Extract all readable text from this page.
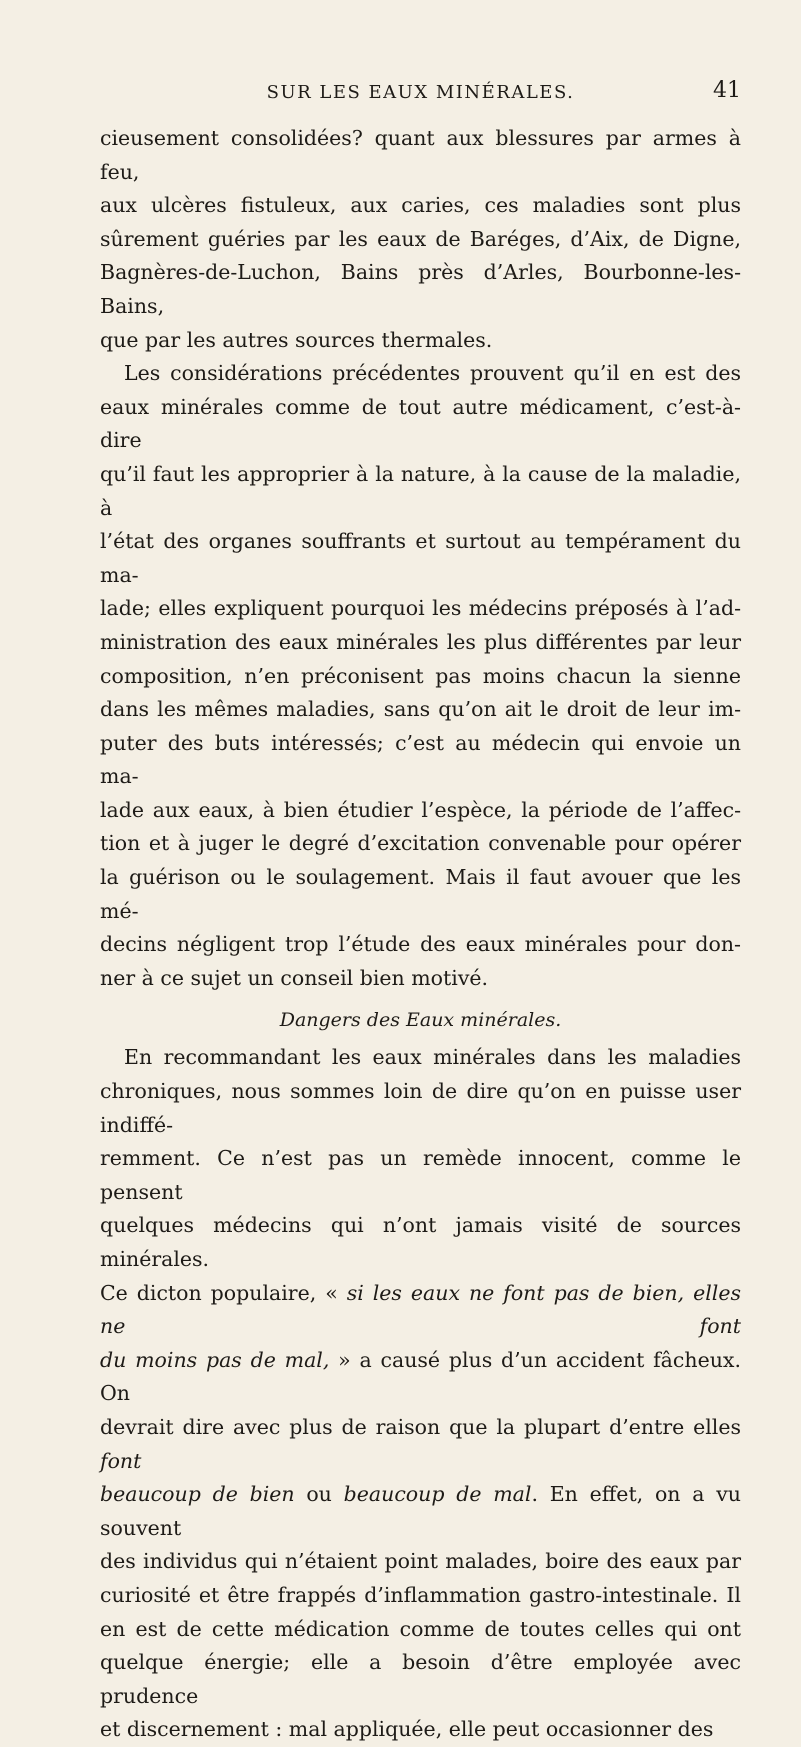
SUR LES EAUX MINÉRALES.	41

cieusement consolidées? quant aux blessures par armes à feu,

aux ulcères fistuleux, aux caries, ces maladies sont plus

sûrement guéries par les eaux de Baréges, d’Aix, de Digne,

Bagnères-de-Luchon, Bains près d’Arles, Bourbonne-les-Bains,

que par les autres sources thermales.

Les considérations précédentes prouvent qu’il en est des

eaux minérales comme de tout autre médicament, c’est-à-dire

qu’il faut les approprier à la nature, à la cause de la maladie, à

l’état des organes souffrants et surtout au tempérament du ma-

lade; elles expliquent pourquoi les médecins préposés à l’ad-

ministration des eaux minérales les plus différentes par leur

composition, n’en préconisent pas moins chacun la sienne

dans les mêmes maladies, sans qu’on ait le droit de leur im-

puter des buts intéressés; c’est au médecin qui envoie un ma-

lade aux eaux, à bien étudier l’espèce, la période de l’affec-

tion et à juger le degré d’excitation convenable pour opérer

la guérison ou le soulagement. Mais il faut avouer que les mé-

decins négligent trop l’étude des eaux minérales pour don-

ner à ce sujet un conseil bien motivé.

Dangers des Eaux minérales.

En recommandant les eaux minérales dans les maladies

chroniques, nous sommes loin de dire qu’on en puisse user indiffé-

remment. Ce n’est pas un remède innocent, comme le pensent

quelques médecins qui n’ont jamais visité de sources minérales.

Ce dicton populaire, « si les eaux ne font pas de bien, elles ne font

du moins pas de mal, » a causé plus d’un accident fâcheux. On

devrait dire avec plus de raison que la plupart d’entre elles font

beaucoup de bien ou beaucoup de mal. En effet, on a vu souvent

des individus qui n’étaient point malades, boire des eaux par

curiosité et être frappés d’inflammation gastro-intestinale. Il

en est de cette médication comme de toutes celles qui ont

quelque énergie; elle a besoin d’être employée avec prudence

et discernement : mal appliquée, elle peut occasionner des
